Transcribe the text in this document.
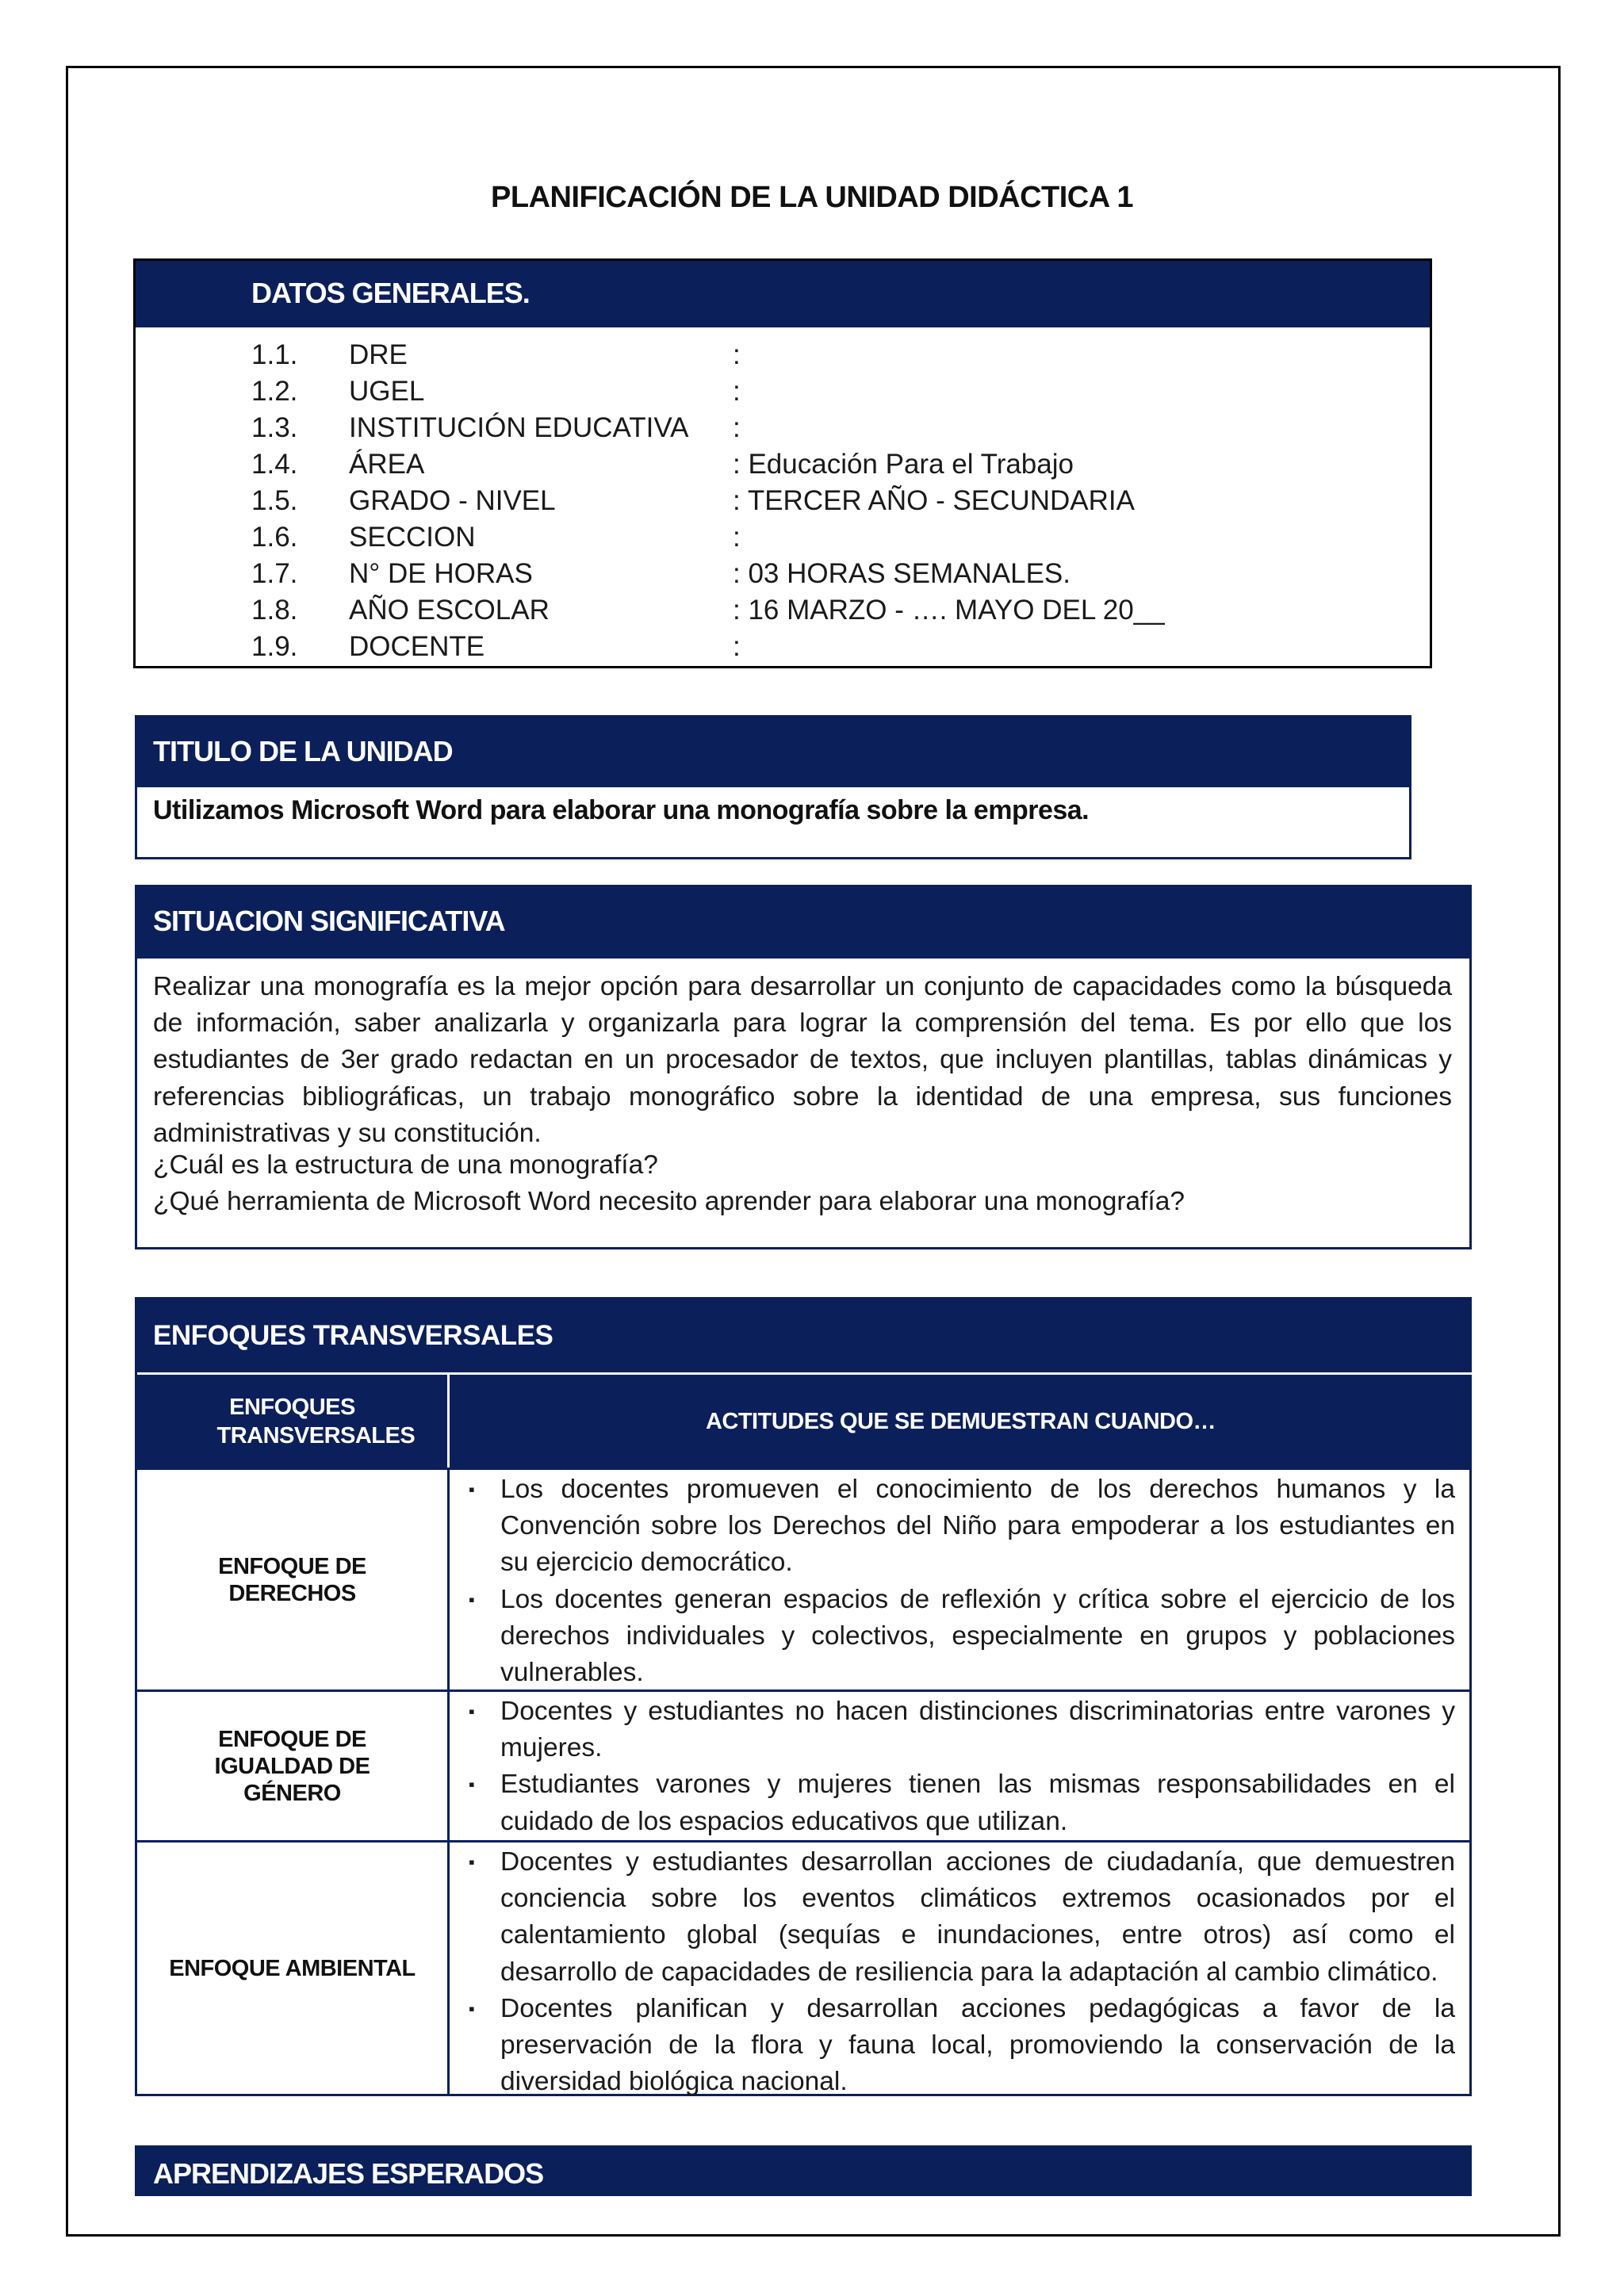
PLANIFICACIÓN DE LA UNIDAD DIDÁCTICA 1
DATOS GENERALES.
1.1. DRE	:
1.2. UGEL	:
1.3. INSTITUCIÓN EDUCATIVA :
1.4. ÁREA	: Educación Para el Trabajo
1.5. GRADO - NIVEL	: TERCER AÑO - SECUNDARIA
1.6. SECCION	:
1.7. N° DE HORAS	: 03 HORAS SEMANALES.
1.8. AÑO ESCOLAR	: 16 MARZO - …. MAYO DEL 20__
1.9. DOCENTE	:
TITULO DE LA UNIDAD
Utilizamos Microsoft Word para elaborar una monografía sobre la empresa.
SITUACION SIGNIFICATIVA

Realizar una monografía es la mejor opción para desarrollar un conjunto de capacidades como la búsqueda de información, saber analizarla y organizarla para lograr la comprensión del tema. Es por ello que los estudiantes de 3er grado redactan en un procesador de textos, que incluyen plantillas, tablas dinámicas y referencias bibliográficas, un trabajo monográfico sobre la identidad de una empresa, sus funciones administrativas y su constitución.

¿Cuál es la estructura de una monografía?
¿Qué herramienta de Microsoft Word necesito aprender para elaborar una monografía?
ENFOQUES TRANSVERSALES
ENFOQUES TRANSVERSALES
ACTITUDES QUE SE DEMUESTRAN CUANDO…
ENFOQUE DE DERECHOS
▪ Los docentes promueven el conocimiento de los derechos humanos y la Convención sobre los Derechos del Niño para empoderar a los estudiantes en su ejercicio democrático.
▪ Los docentes generan espacios de reflexión y crítica sobre el ejercicio de los derechos individuales y colectivos, especialmente en grupos y poblaciones vulnerables.
ENFOQUE DE IGUALDAD DE GÉNERO
▪ Docentes y estudiantes no hacen distinciones discriminatorias entre varones y mujeres.
▪ Estudiantes varones y mujeres tienen las mismas responsabilidades en el cuidado de los espacios educativos que utilizan.
ENFOQUE AMBIENTAL
▪ Docentes y estudiantes desarrollan acciones de ciudadanía, que demuestren conciencia sobre los eventos climáticos extremos ocasionados por el calentamiento global (sequías e inundaciones, entre otros) así como el desarrollo de capacidades de resiliencia para la adaptación al cambio climático.
▪ Docentes planifican y desarrollan acciones pedagógicas a favor de la preservación de la flora y fauna local, promoviendo la conservación de la diversidad biológica nacional.
APRENDIZAJES ESPERADOS
